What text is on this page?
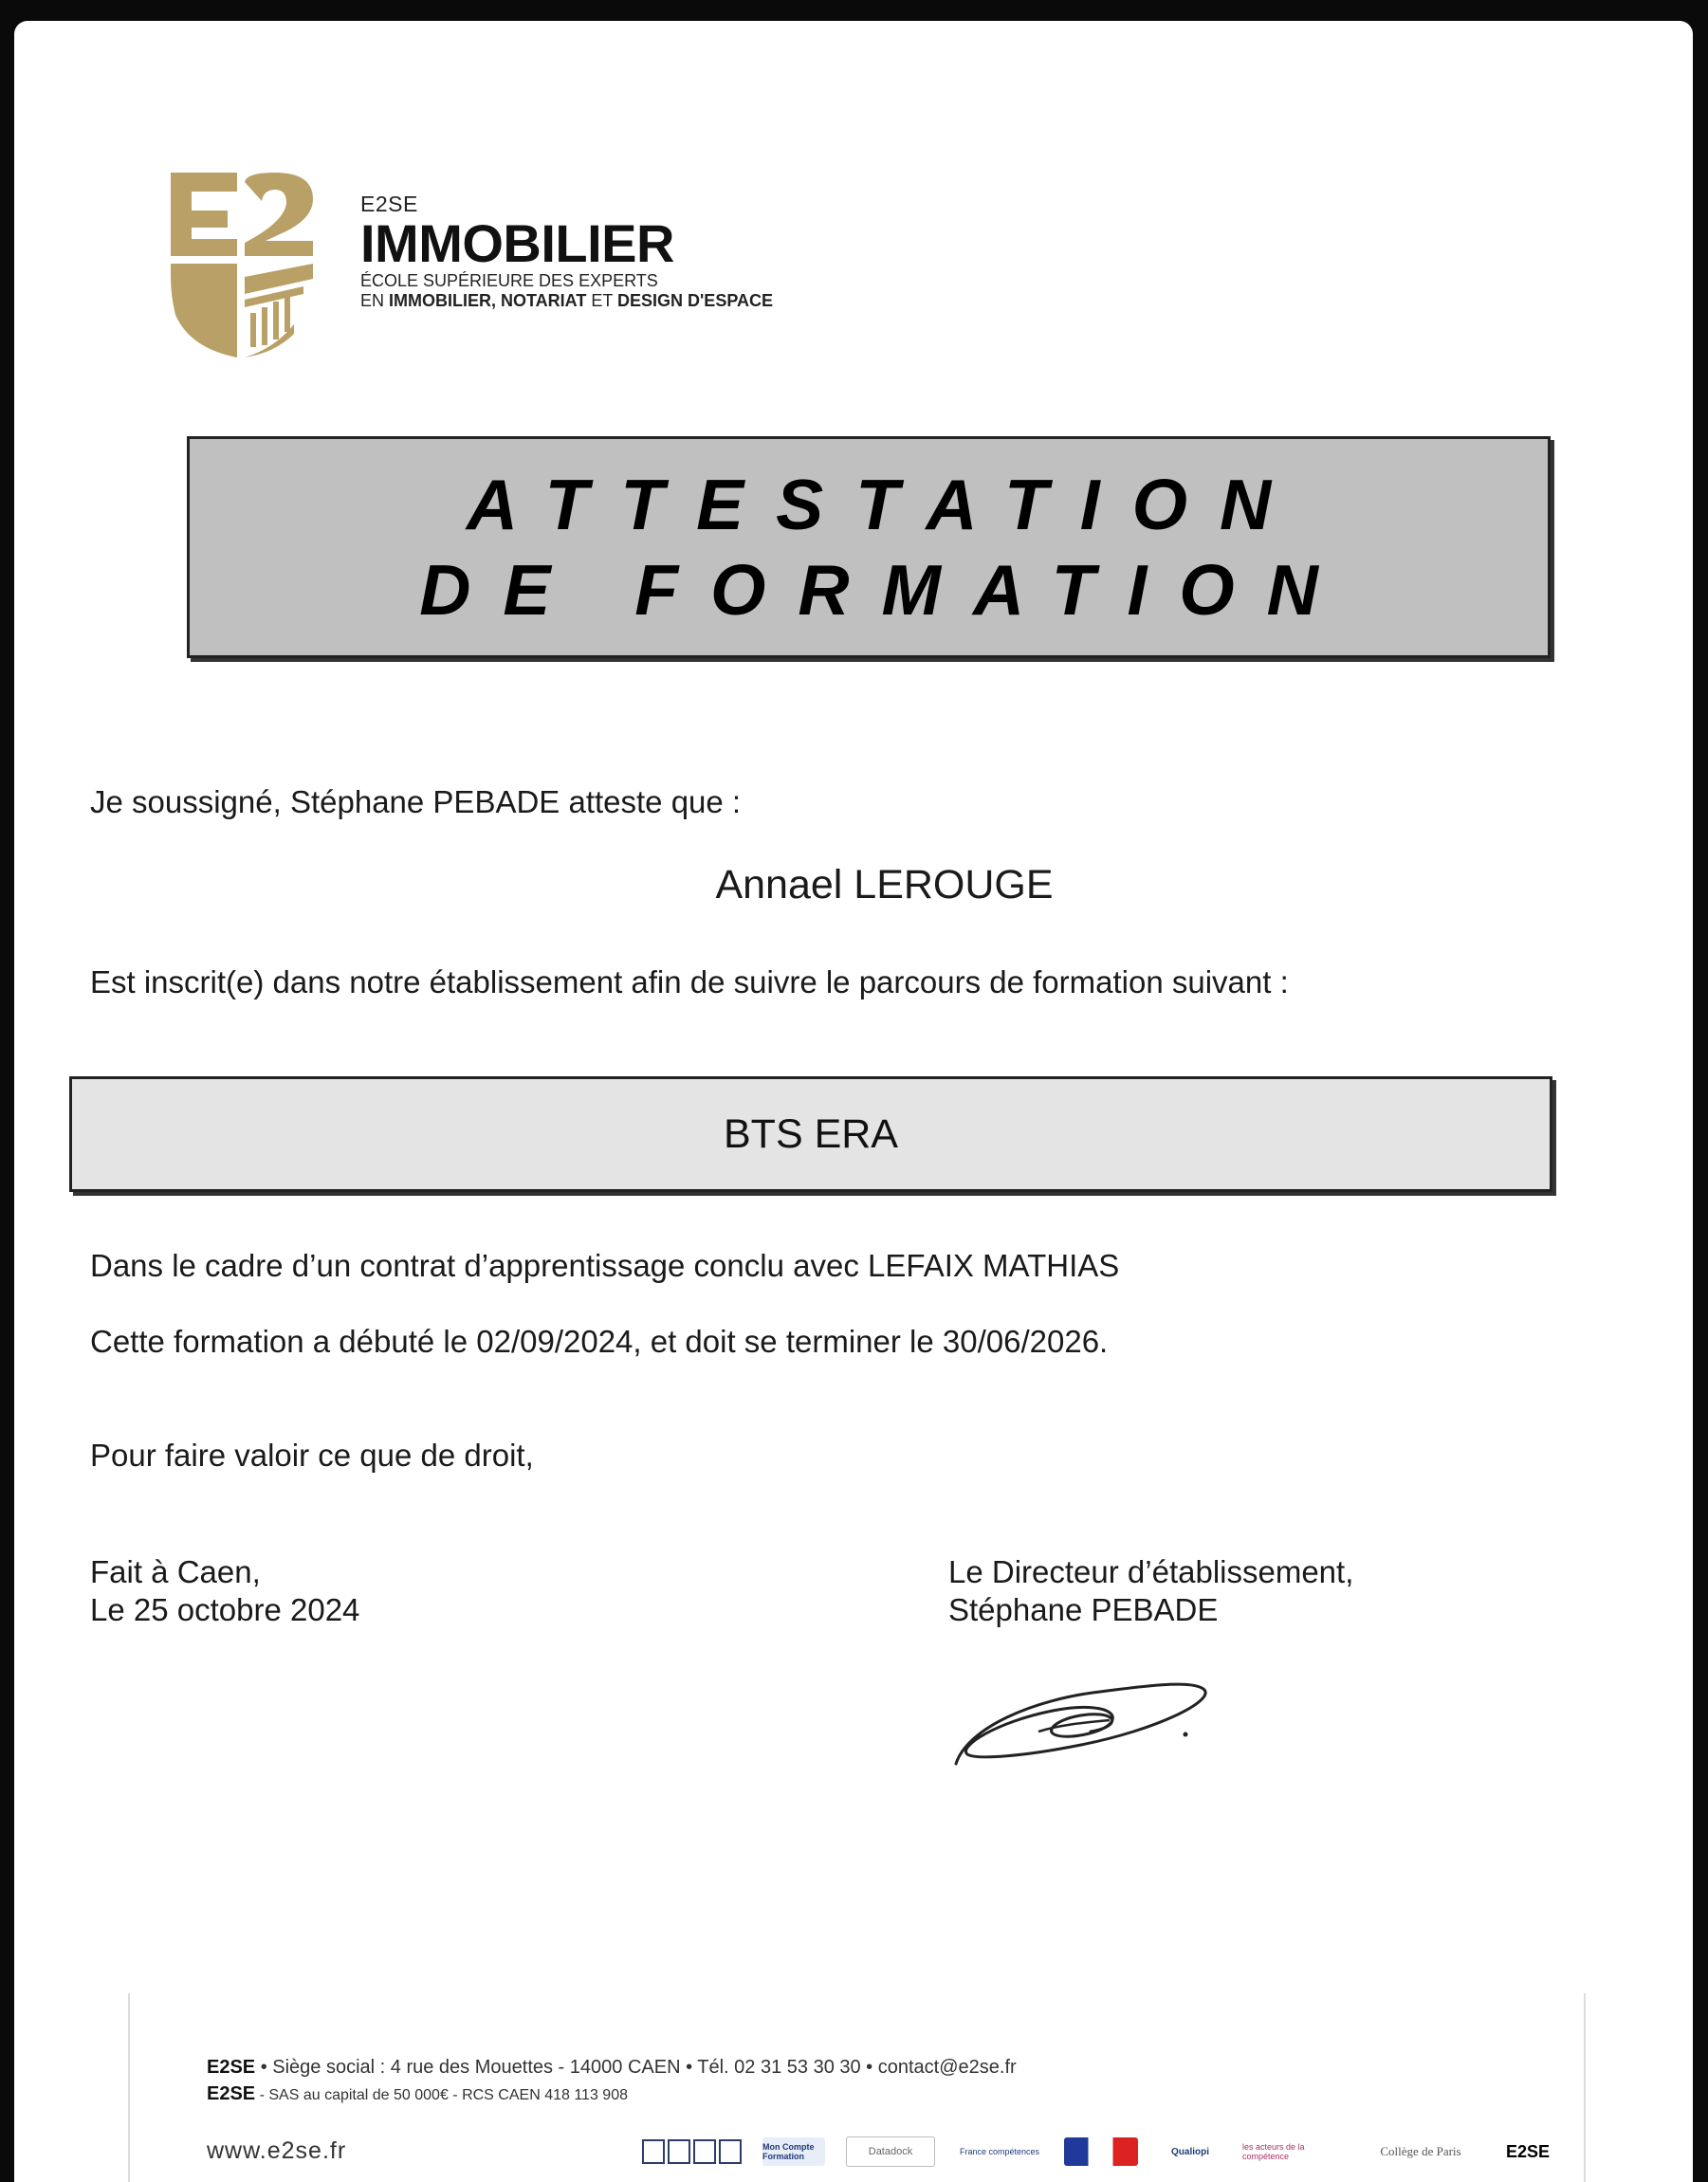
E2SE
IMMOBILIER
ÉCOLE SUPÉRIEURE DES EXPERTS
EN IMMOBILIER, NOTARIAT ET DESIGN D'ESPACE
ATTESTATION
DE FORMATION
Je soussigné, Stéphane PEBADE atteste que :
Annael LEROUGE
Est inscrit(e) dans notre établissement afin de suivre le parcours de formation suivant :
BTS ERA
Dans le cadre d’un contrat d’apprentissage conclu avec LEFAIX MATHIAS
Cette formation a débuté le 02/09/2024, et doit se terminer le 30/06/2026.
Pour faire valoir ce que de droit,
Fait à Caen,
Le 25 octobre 2024
Le Directeur d’établissement,
Stéphane PEBADE
E2SE • Siège social : 4 rue des Mouettes - 14000 CAEN • Tél. 02 31 53 30 30 • contact@e2se.fr
E2SE - SAS au capital de 50 000€ - RCS CAEN 418 113 908
www.e2se.fr	Mon Compte Formation	Datadock	France compétences	Qualiopi	les acteurs de la compétence	Collège de Paris	E2SE
